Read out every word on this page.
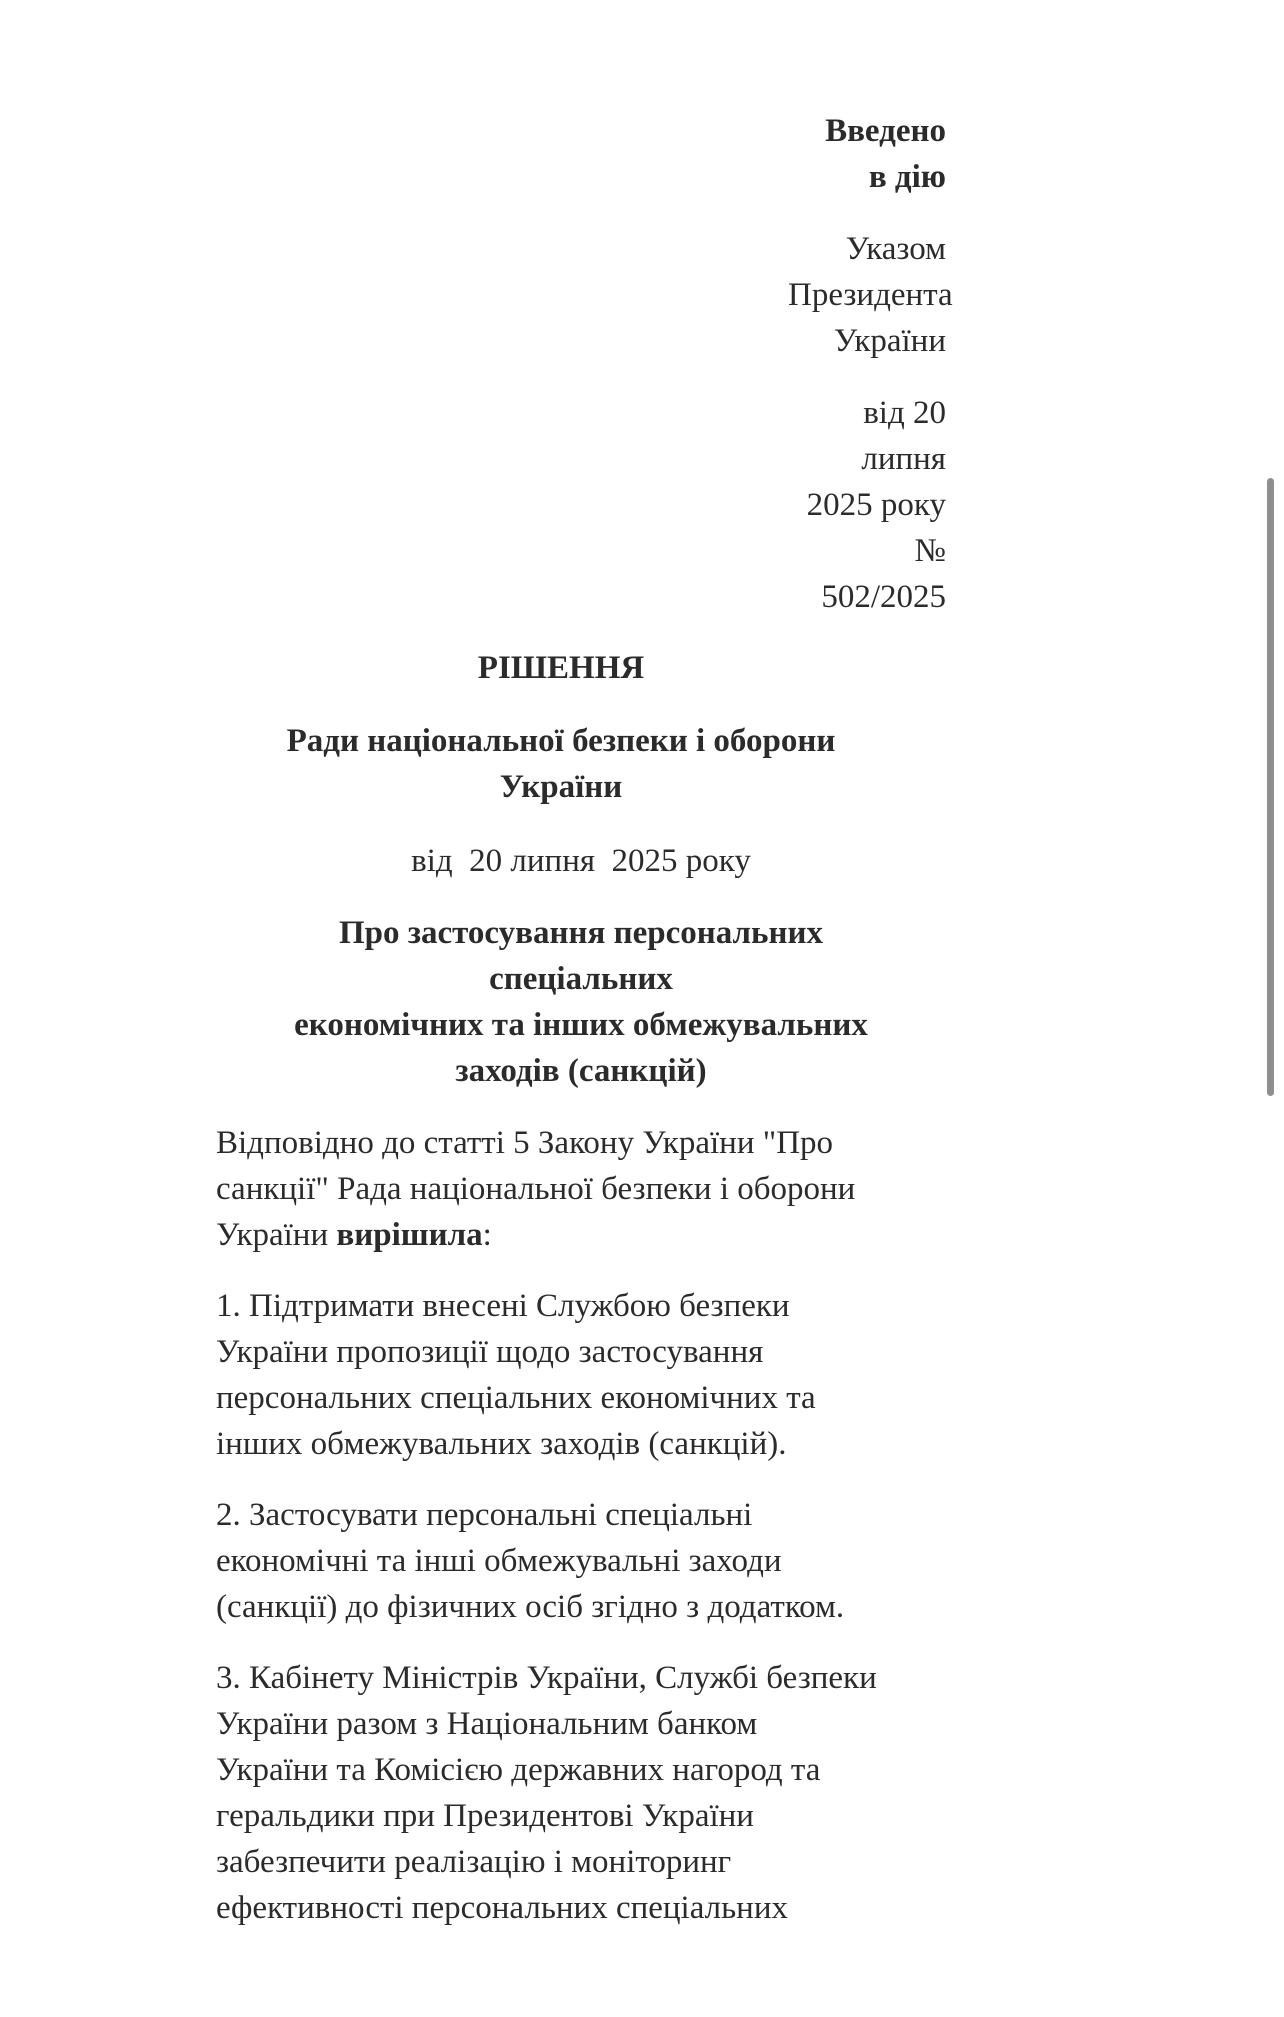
Введено
в дію
Указом
Президента
України
від 20
липня
2025 року
№
502/2025
РІШЕННЯ
Ради національної безпеки і оборони
України
від  20 липня  2025 року
Про застосування персональних
спеціальних
економічних та інших обмежувальних
заходів (санкцій)
Відповідно до статті 5 Закону України "Про
санкції" Рада національної безпеки і оборони
України вирішила:
1. Підтримати внесені Службою безпеки
України пропозиції щодо застосування
персональних спеціальних економічних та
інших обмежувальних заходів (санкцій).
2. Застосувати персональні спеціальні
економічні та інші обмежувальні заходи
(санкції) до фізичних осіб згідно з додатком.
3. Кабінету Міністрів України, Службі безпеки
України разом з Національним банком
України та Комісією державних нагород та
геральдики при Президентові України
забезпечити реалізацію і моніторинг
ефективності персональних спеціальних
